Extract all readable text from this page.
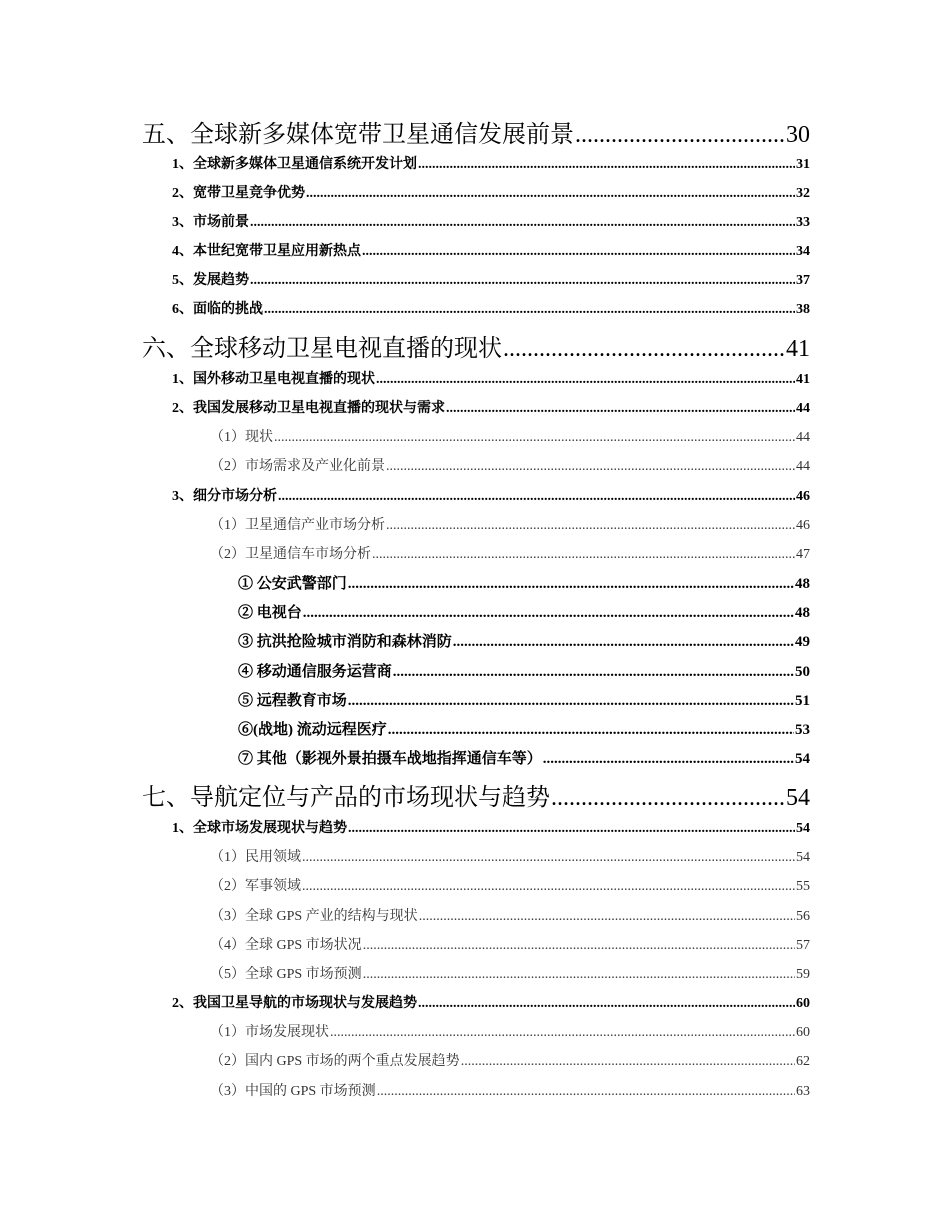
五、全球新多媒体宽带卫星通信发展前景 .....	30
1、全球新多媒体卫星通信系统开发计划 .....	31
2、宽带卫星竞争优势 .....	32
3、市场前景 .....	33
4、本世纪宽带卫星应用新热点 .....	34
5、发展趋势 .....	37
6、面临的挑战 .....	38
六、全球移动卫星电视直播的现状 .....	41
1、国外移动卫星电视直播的现状 .....	41
2、我国发展移动卫星电视直播的现状与需求 .....	44
（1）现状 .....	44
（2）市场需求及产业化前景 .....	44
3、细分市场分析 .....	46
（1）卫星通信产业市场分析 .....	46
（2）卫星通信车市场分析 .....	47
① 公安武警部门 .....	48
② 电视台 .....	48
③ 抗洪抢险城市消防和森林消防 .....	49
④ 移动通信服务运营商 .....	50
⑤ 远程教育市场 .....	51
⑥(战地) 流动远程医疗 .....	53
⑦ 其他（影视外景拍摄车战地指挥通信车等） .....	54
七、导航定位与产品的市场现状与趋势 .....	54
1、全球市场发展现状与趋势 .....	54
（1）民用领域 .....	54
（2）军事领域 .....	55
（3）全球 GPS 产业的结构与现状 .....	56
（4）全球 GPS 市场状况 .....	57
（5）全球 GPS 市场预测 .....	59
2、我国卫星导航的市场现状与发展趋势 .....	60
（1）市场发展现状 .....	60
（2）国内 GPS 市场的两个重点发展趋势 .....	62
（3）中国的 GPS 市场预测 .....	63
